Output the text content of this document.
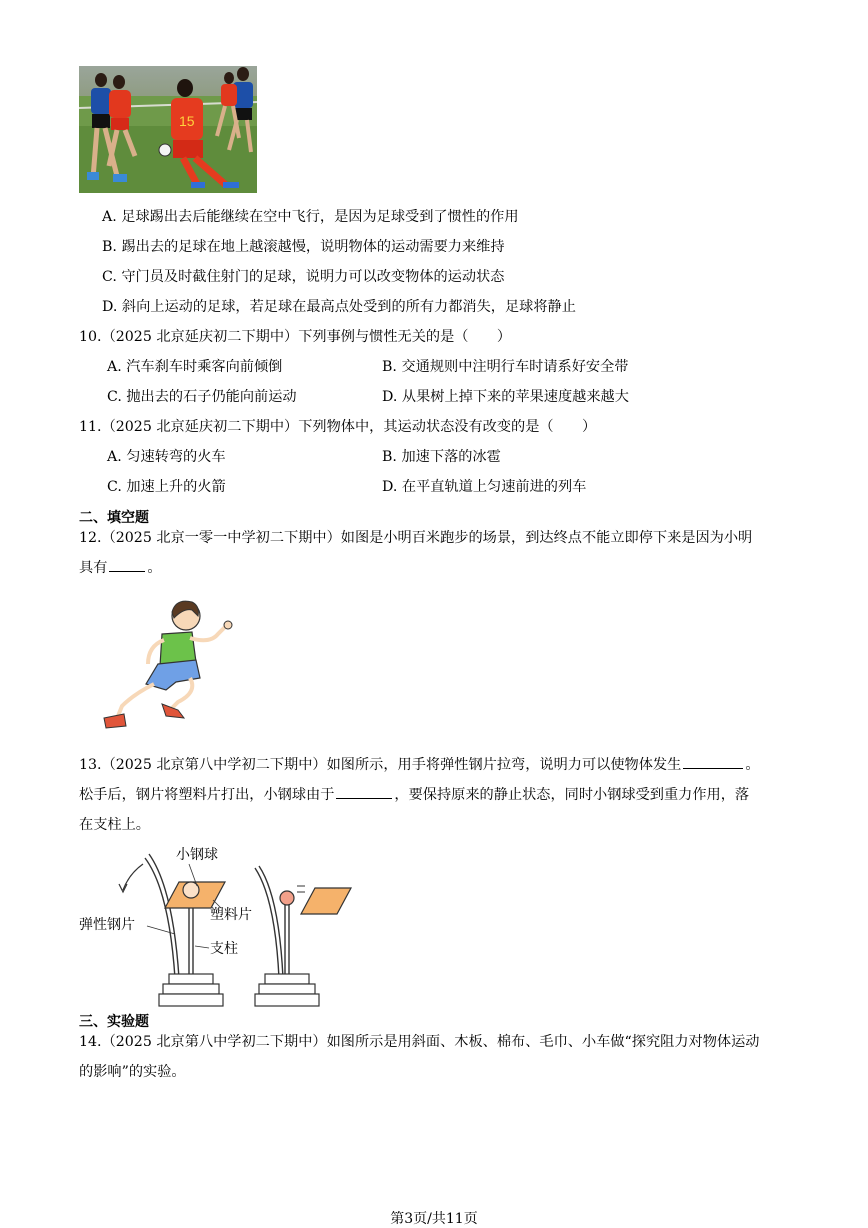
15
A. 足球踢出去后能继续在空中飞行，是因为足球受到了惯性的作用
B. 踢出去的足球在地上越滚越慢，说明物体的运动需要力来维持
C. 守门员及时截住射门的足球，说明力可以改变物体的运动状态
D. 斜向上运动的足球，若足球在最高点处受到的所有力都消失，足球将静止
10.（2025 北京延庆初二下期中）下列事例与惯性无关的是（　　）
A. 汽车刹车时乘客向前倾倒	B. 交通规则中注明行车时请系好安全带
C. 抛出去的石子仍能向前运动	D. 从果树上掉下来的苹果速度越来越大
11.（2025 北京延庆初二下期中）下列物体中，其运动状态没有改变的是（　　）
A. 匀速转弯的火车	B. 加速下落的冰雹
C. 加速上升的火箭	D. 在平直轨道上匀速前进的列车
二、填空题
12.（2025 北京一零一中学初二下期中）如图是小明百米跑步的场景，到达终点不能立即停下来是因为小明
具有	。
13.（2025 北京第八中学初二下期中）如图所示，用手将弹性钢片拉弯，说明力可以使物体发生	。
松手后，钢片将塑料片打出，小钢球由于	，要保持原来的静止状态，同时小钢球受到重力作用，落
在支柱上。
小钢球
塑料片
弹性钢片
支柱
三、实验题
14.（2025 北京第八中学初二下期中）如图所示是用斜面、木板、棉布、毛巾、小车做“探究阻力对物体运动
的影响”的实验。
第3页/共11页
